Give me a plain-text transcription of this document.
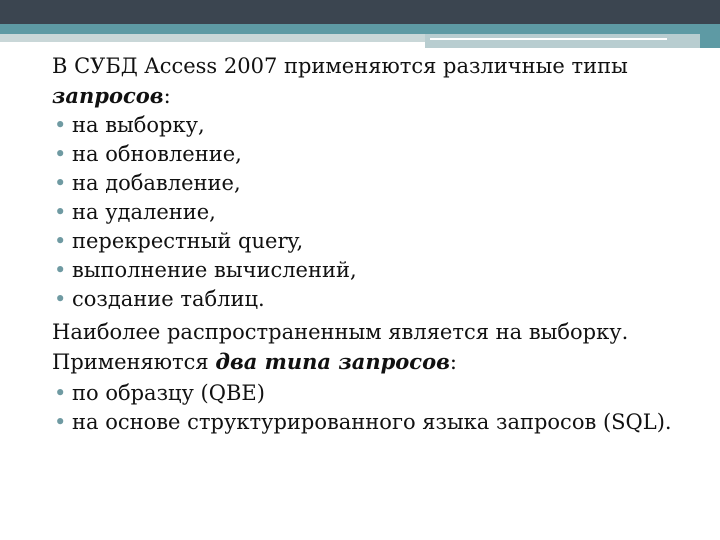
В СУБД Access 2007 применяются различные типы
запросов:

• на выборку,
• на обновление,
• на добавление,
• на удаление,
• перекрестный query,
• выполнение вычислений,
• создание таблиц.

Наиболее распространенным является на выборку.

Применяются два типа запросов:

• по образцу (QBE)
• на основе структурированного языка запросов (SQL).
